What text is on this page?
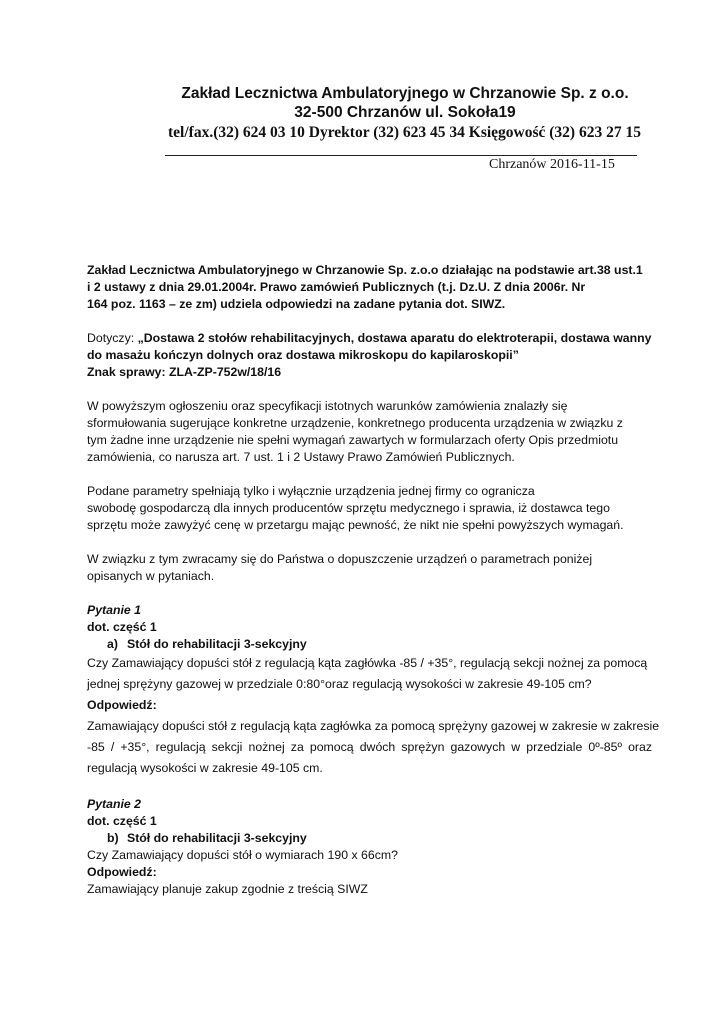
Zakład Lecznictwa Ambulatoryjnego w Chrzanowie Sp. z o.o.
32-500 Chrzanów ul. Sokoła19
tel/fax.(32) 624 03 10 Dyrektor (32) 623 45 34 Księgowość (32) 623 27 15
Chrzanów 2016-11-15
Zakład Lecznictwa Ambulatoryjnego w Chrzanowie Sp. z.o.o działając na podstawie art.38 ust.1
i 2 ustawy z dnia 29.01.2004r. Prawo zamówień Publicznych (t.j. Dz.U. Z dnia 2006r. Nr
164 poz. 1163 – ze zm) udziela odpowiedzi na zadane pytania dot. SIWZ.
Dotyczy: „Dostawa 2 stołów rehabilitacyjnych, dostawa aparatu do elektroterapii, dostawa wanny
do masażu kończyn dolnych oraz dostawa mikroskopu do kapilaroskopii”
Znak sprawy: ZLA-ZP-752w/18/16
W powyższym ogłoszeniu oraz specyfikacji istotnych warunków zamówienia znalazły się
sformułowania sugerujące konkretne urządzenie, konkretnego producenta urządzenia w związku z
tym żadne inne urządzenie nie spełni wymagań zawartych w formularzach oferty Opis przedmiotu
zamówienia, co narusza art. 7 ust. 1 i 2 Ustawy Prawo Zamówień Publicznych.
Podane parametry spełniają tylko i wyłącznie urządzenia jednej firmy co ogranicza
swobodę gospodarczą dla innych producentów sprzętu medycznego i sprawia, iż dostawca tego
sprzętu może zawyżyć cenę w przetargu mając pewność, że nikt nie spełni powyższych wymagań.
W związku z tym zwracamy się do Państwa o dopuszczenie urządzeń o parametrach poniżej
opisanych w pytaniach.
Pytanie 1
dot. część 1
a) Stół do rehabilitacji 3-sekcyjny
Czy Zamawiający dopuści stół z regulacją kąta zagłówka -85 / +35°, regulacją sekcji nożnej za pomocą
jednej sprężyny gazowej w przedziale 0:80°oraz regulacją wysokości w zakresie 49-105 cm?
Odpowiedź:
Zamawiający dopuści stół z regulacją kąta zagłówka za pomocą sprężyny gazowej w zakresie w zakresie
-85 / +35°, regulacją sekcji nożnej za pomocą dwóch sprężyn gazowych w przedziale 0º-85º oraz
regulacją wysokości w zakresie 49-105 cm.
Pytanie 2
dot. część 1
b) Stół do rehabilitacji 3-sekcyjny
Czy Zamawiający dopuści stół o wymiarach 190 x 66cm?
Odpowiedź:
Zamawiający planuje zakup zgodnie z treścią SIWZ
